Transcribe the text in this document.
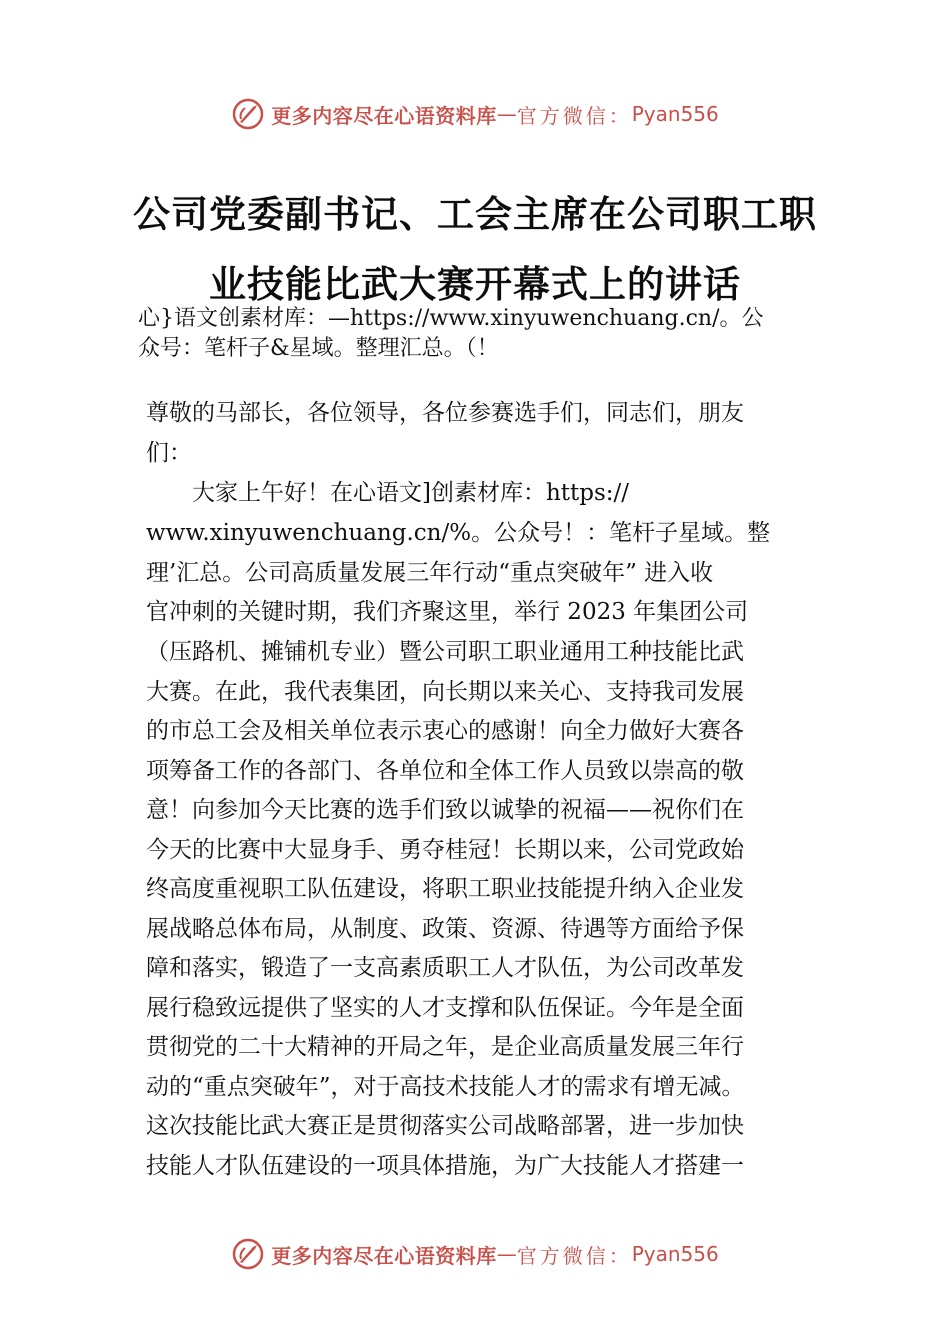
更多内容尽在心语资料库 — 官方微信： Pyan556
公司党委副书记、工会主席在公司职工职
业技能比武大赛开幕式上的讲话
心}语文创素材库：—https://www.xinyuwenchuang.cn/。公
众号：笔杆子&星域。整理汇总。（！
尊敬的马部长，各位领导，各位参赛选手们，同志们，朋友
们：
　　大家上午好！在心语文]创素材库：https://
www.xinyuwenchuang.cn/%。公众号！：笔杆子星域。整
理’汇总。公司高质量发展三年行动“重点突破年” 进入收
官冲刺的关键时期，我们齐聚这里，举行 2023 年集团公司
（压路机、摊铺机专业）暨公司职工职业通用工种技能比武
大赛。在此，我代表集团，向长期以来关心、支持我司发展
的市总工会及相关单位表示衷心的感谢！向全力做好大赛各
项筹备工作的各部门、各单位和全体工作人员致以崇高的敬
意！向参加今天比赛的选手们致以诚挚的祝福——祝你们在
今天的比赛中大显身手、勇夺桂冠！长期以来，公司党政始
终高度重视职工队伍建设，将职工职业技能提升纳入企业发
展战略总体布局，从制度、政策、资源、待遇等方面给予保
障和落实，锻造了一支高素质职工人才队伍，为公司改革发
展行稳致远提供了坚实的人才支撑和队伍保证。今年是全面
贯彻党的二十大精神的开局之年，是企业高质量发展三年行
动的“重点突破年”，对于高技术技能人才的需求有增无减。
这次技能比武大赛正是贯彻落实公司战略部署，进一步加快
技能人才队伍建设的一项具体措施，为广大技能人才搭建一
更多内容尽在心语资料库 — 官方微信： Pyan556
